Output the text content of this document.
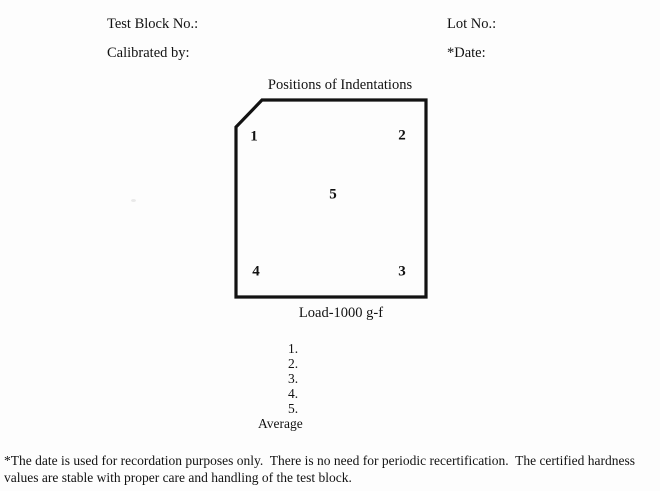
Test Block No.:	Lot No.:
Calibrated by:	*Date:
Positions of Indentations
1	2
5
4	3
Load-1000 g-f
1.
2.
3.
4.
5.
Average
*The date is used for recordation purposes only.  There is no need for periodic recertification.  The certified hardness
values are stable with proper care and handling of the test block.
